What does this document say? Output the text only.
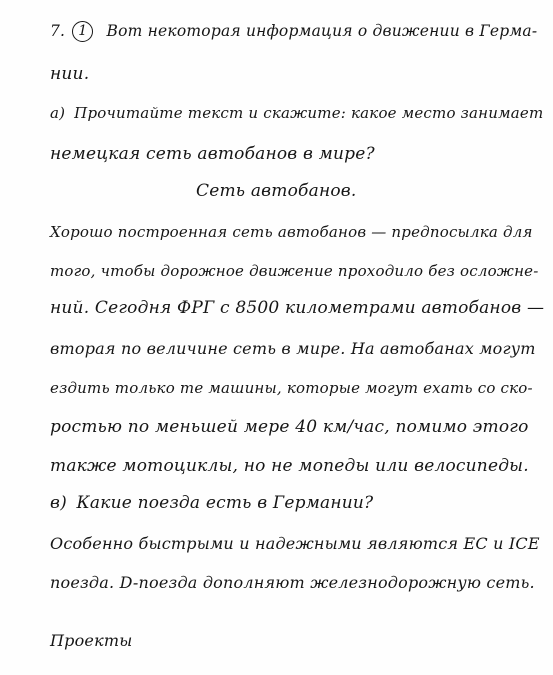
7. 1 Вот некоторая информация о движении в Герма-
нии.
а) Прочитайте текст и скажите: какое место занимает
немецкая сеть автобанов в мире?
Сеть автобанов.
Хорошо построенная сеть автобанов — предпосылка для
того, чтобы дорожное движение проходило без осложне-
ний. Сегодня ФРГ с 8500 километрами автобанов —
вторая по величине сеть в мире. На автобанах могут
ездить только те машины, которые могут ехать со ско-
ростью по меньшей мере 40 км/час, помимо этого
также мотоциклы, но не мопеды или велосипеды.
в) Какие поезда есть в Германии?
Особенно быстрыми и надежными являются EC и ICE
поезда. D-поезда дополняют железнодорожную сеть.
Проекты
